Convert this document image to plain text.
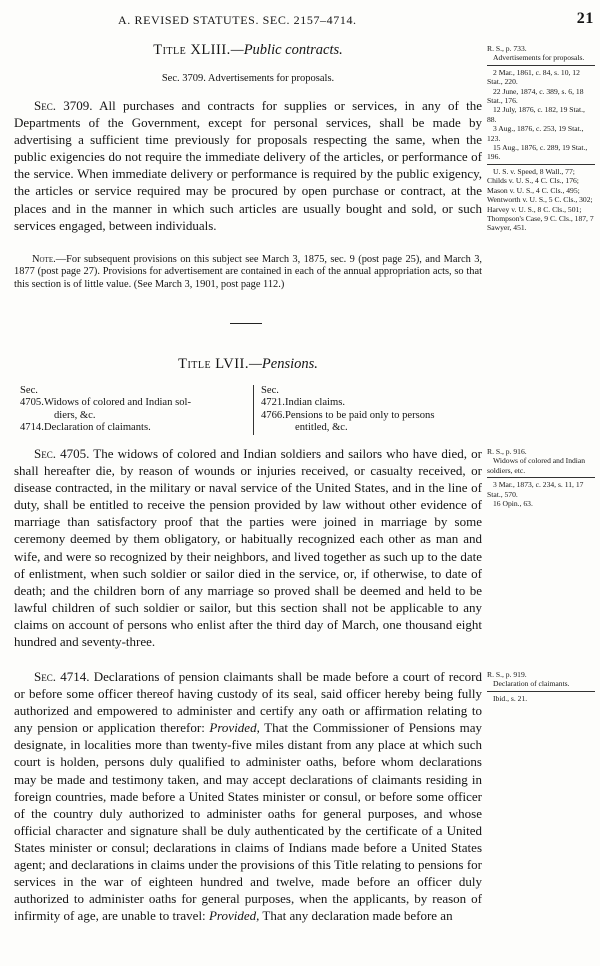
A. REVISED STATUTES. SEC. 2157–4714.	21
Title XLIII.—Public contracts.
Sec. 3709. Advertisements for proposals.

Sec. 3709. All purchases and contracts for supplies or services, in any of the Departments of the Government, except for personal services, shall be made by advertising a sufficient time previously for proposals respecting the same, when the public exigencies do not require the immediate delivery of the articles, or performance of the service. When immediate delivery or performance is required by the public exigency, the articles or service required may be procured by open purchase or contract, at the places and in the manner in which such articles are usually bought and sold, or such services engaged, between individuals.

Note.—For subsequent provisions on this subject see March 3, 1875, sec. 9 (post page 25), and March 3, 1877 (post page 27). Provisions for advertisement are contained in each of the annual appropriation acts, so that this section is of little value. (See March 3, 1901, post page 112.)

R. S., p. 733.

Advertisements for proposals.

2 Mar., 1861, c. 84, s. 10, 12 Stat., 220.

22 June, 1874, c. 389, s. 6, 18 Stat., 176.

12 July, 1876, c. 182, 19 Stat., 88.

3 Aug., 1876, c. 253, 19 Stat., 123.

15 Aug., 1876, c. 289, 19 Stat., 196.

U. S. v. Speed, 8 Wall., 77; Childs v. U. S., 4 C. Cls., 176; Mason v. U. S., 4 C. Cls., 495; Wentworth v. U. S., 5 C. Cls., 302; Harvey v. U. S., 8 C. Cls., 501; Thompson's Case, 9 C. Cls., 187, 7 Sawyer, 451.

Title LVII.—Pensions.
Sec.
4705. Widows of colored and Indian sol-
diers, &c.
4714. Declaration of claimants.
Sec.
4721. Indian claims.
4766. Pensions to be paid only to persons
entitled, &c.

Sec. 4705. The widows of colored and Indian soldiers and sailors who have died, or shall hereafter die, by reason of wounds or injuries received, or casualty received, or disease contracted, in the military or naval service of the United States, and in the line of duty, shall be entitled to receive the pension provided by law without other evidence of marriage than satisfactory proof that the parties were joined in marriage by some ceremony deemed by them obligatory, or habitually recognized each other as man and wife, and were so recognized by their neighbors, and lived together as such up to the date of enlistment, when such soldier or sailor died in the service, or, if otherwise, to date of death; and the children born of any marriage so proved shall be deemed and held to be lawful children of such soldier or sailor, but this section shall not be applicable to any claims on account of persons who enlist after the third day of March, one thousand eight hundred and seventy-three.

R. S., p. 916.

Widows of colored and Indian soldiers, etc.

3 Mar., 1873, c. 234, s. 11, 17 Stat., 570.

16 Opin., 63.

Sec. 4714. Declarations of pension claimants shall be made before a court of record or before some officer thereof having custody of its seal, said officer hereby being fully authorized and empowered to administer and certify any oath or affirmation relating to any pension or application therefor: Provided, That the Commissioner of Pensions may designate, in localities more than twenty-five miles distant from any place at which such court is holden, persons duly qualified to administer oaths, before whom declarations may be made and testimony taken, and may accept declarations of claimants residing in foreign countries, made before a United States minister or consul, or before some officer of the country duly authorized to administer oaths for general purposes, and whose official character and signature shall be duly authenticated by the certificate of a United States minister or consul; declarations in claims of Indians made before a United States agent; and declarations in claims under the provisions of this Title relating to pensions for services in the war of eighteen hundred and twelve, made before an officer duly authorized to administer oaths for general purposes, when the applicants, by reason of infirmity of age, are unable to travel: Provided, That any declaration made before an

R. S., p. 919.

Declaration of claimants.

Ibid., s. 21.
